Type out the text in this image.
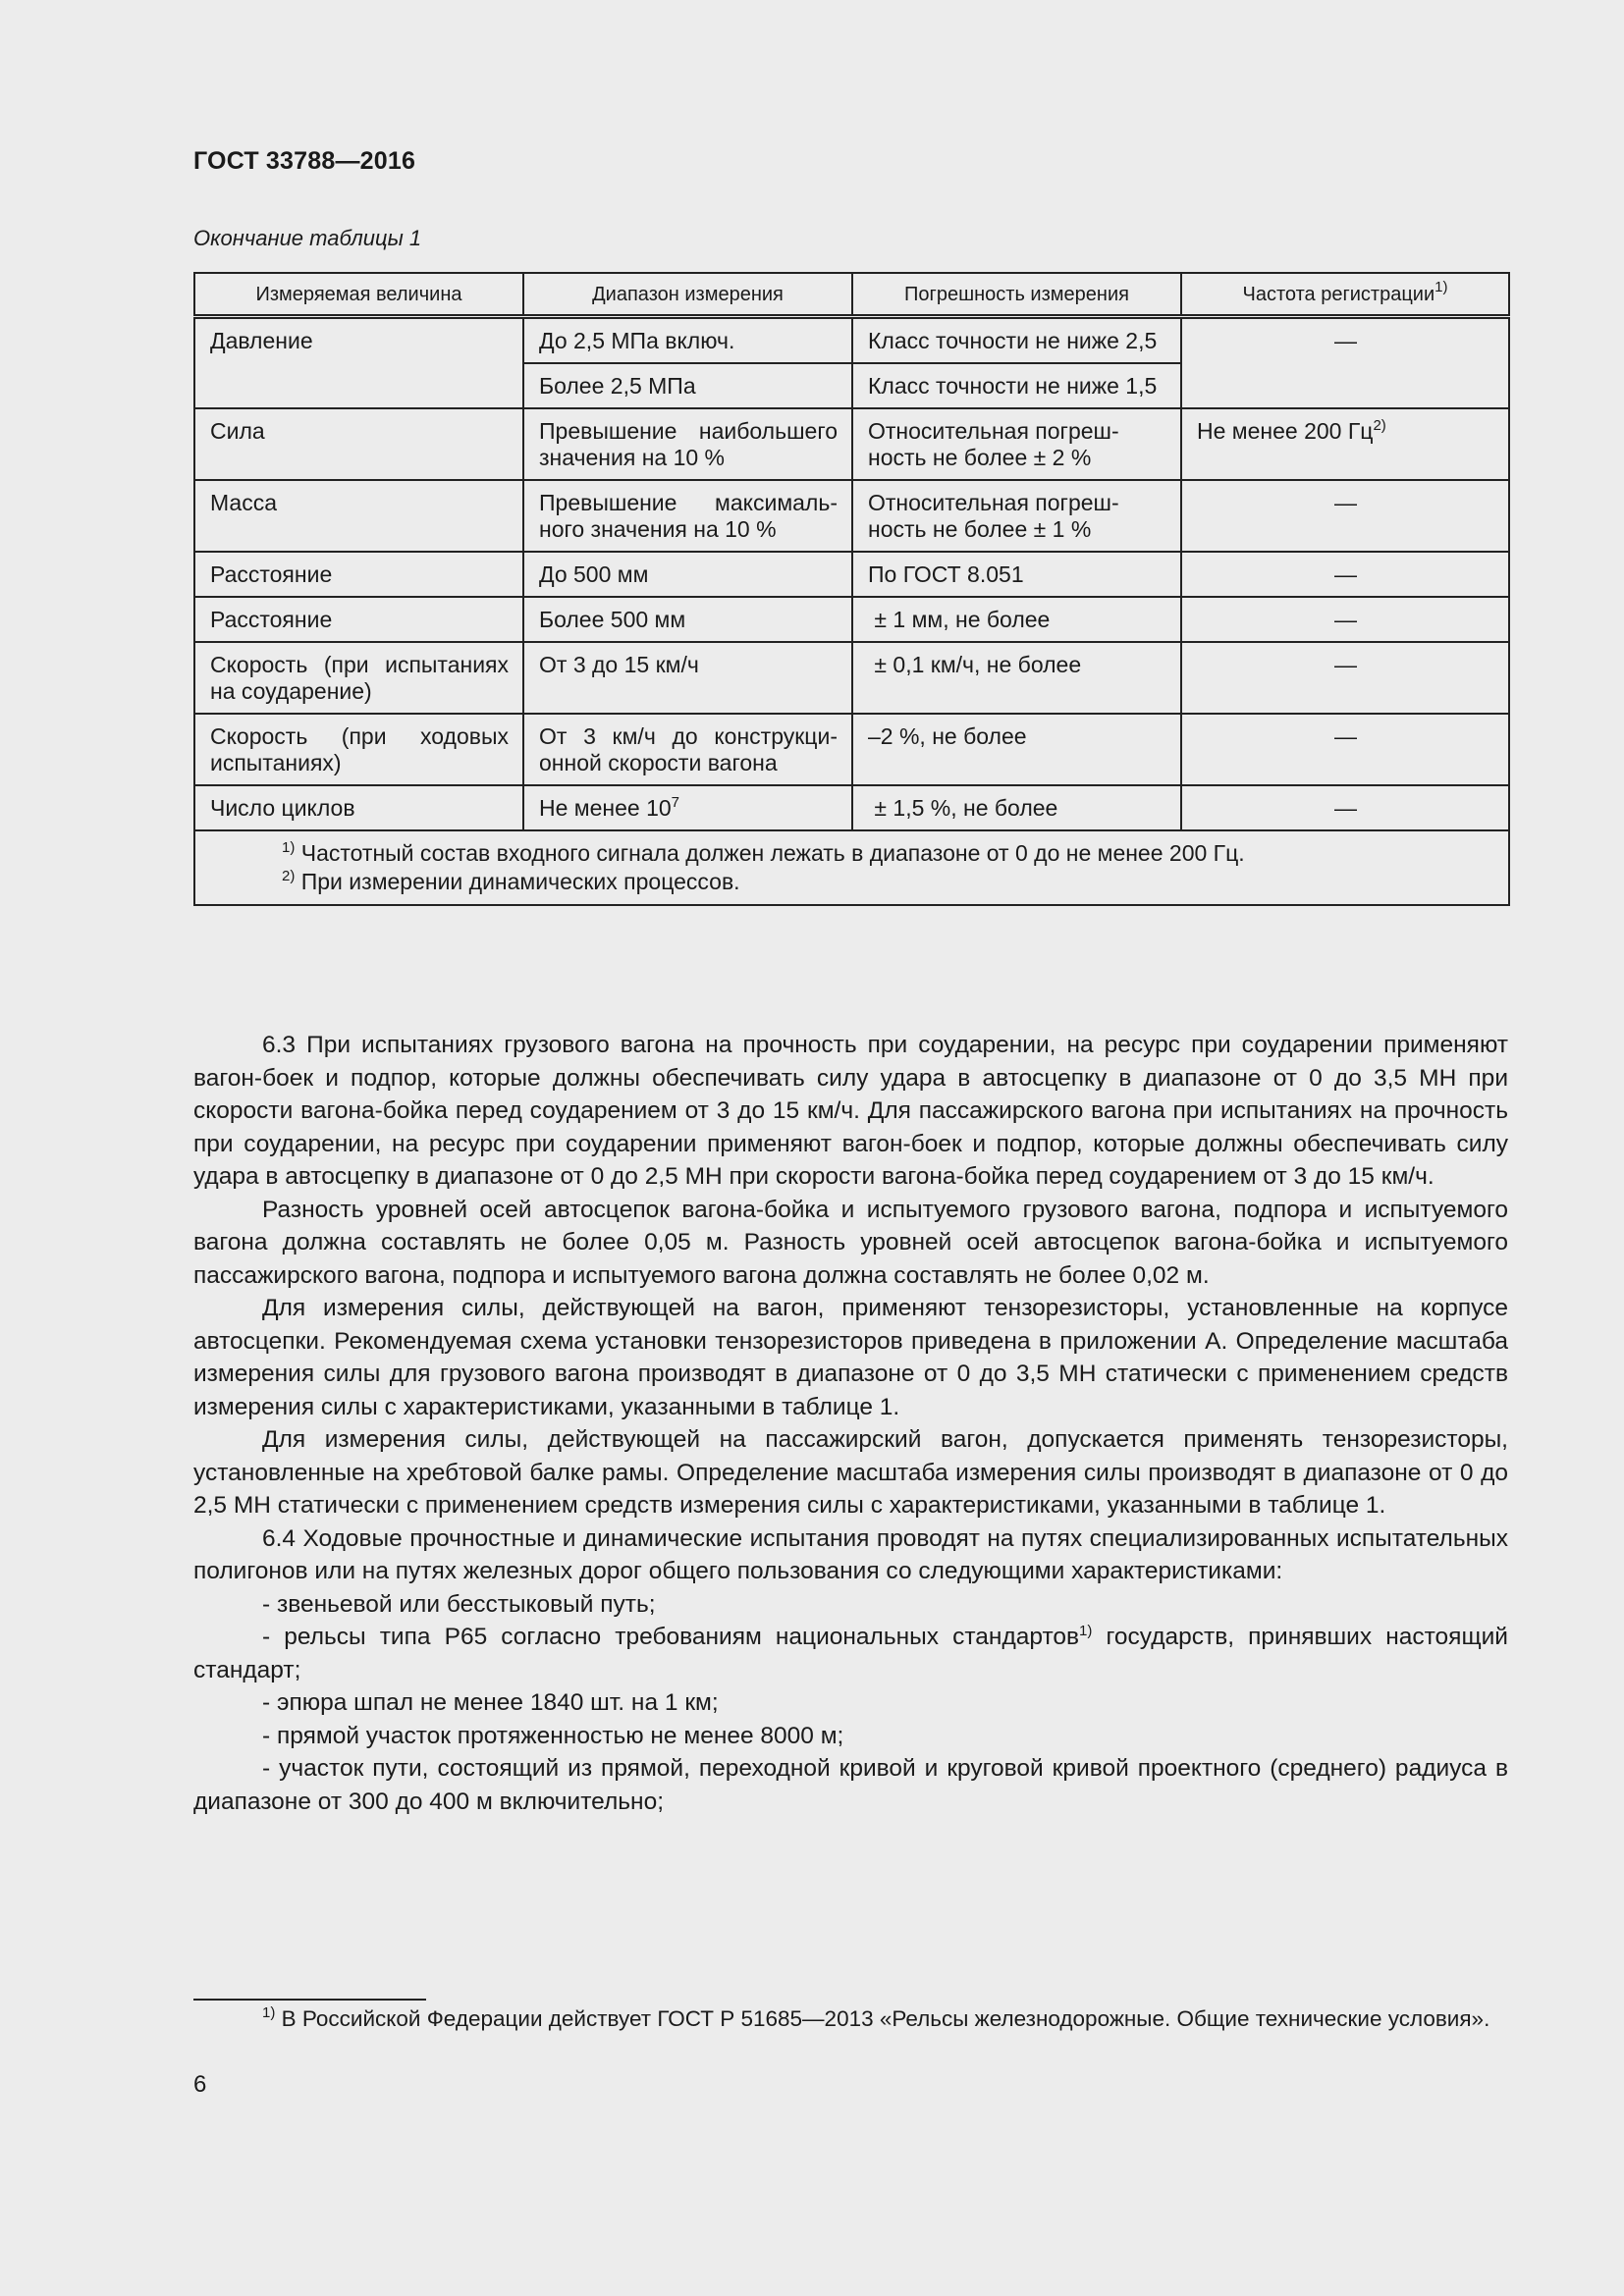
ГОСТ 33788—2016
Окончание таблицы 1
Измеряемая величина	Диапазон измерения	Погрешность измерения	Частота регистрации$^{1)}$
Давление	До 2,5 МПа включ.	Класс точности не ниже 2,5	—
	Более 2,5 МПа	Класс точности не ниже 1,5	
Сила	Превышение наибольшего значения на 10 %	Относительная погрешность не более ± 2 %	Не менее 200 $Гц^{2)}$
Масса	Превышение максимального значения на 10 %	Относительная погрешность не более ± 1 %	—
Расстояние	До 500 мм	По ГОСТ 8.051	—
Расстояние	Более 500 мм	± 1 мм, не более	—
Скорость (при испытаниях на соударение)	От 3 до 15 км/ч	± 0,1 км/ч, не более	—
Скорость (при ходовых испытаниях)	От 3 км/ч до конструкционной скорости вагона	–2 %, не более	—
Число циклов	Не менее $10^7$	± 1,5 %, не более	—

$^{1)}$ Частотный состав входного сигнала должен лежать в диапазоне от 0 до не менее 200 Гц.
$^{2)}$ При измерении динамических процессов.			

6.3 При испытаниях грузового вагона на прочность при соударении, на ресурс при соударении применяют вагон-боек и подпор, которые должны обеспечивать силу удара в автосцепку в диапазоне от 0 до 3,5 МН при скорости вагона-бойка перед соударением от 3 до 15 км/ч. Для пассажирского вагона при испытаниях на прочность при соударении, на ресурс при соударении применяют вагон-боек и подпор, которые должны обеспечивать силу удара в автосцепку в диапазоне от 0 до 2,5 МН при скорости вагона-бойка перед соударением от 3 до 15 км/ч.

Разность уровней осей автосцепок вагона-бойка и испытуемого грузового вагона, подпора и испытуемого вагона должна составлять не более 0,05 м. Разность уровней осей автосцепок вагона-бойка и испытуемого пассажирского вагона, подпора и испытуемого вагона должна составлять не более 0,02 м.

Для измерения силы, действующей на вагон, применяют тензорезисторы, установленные на корпусе автосцепки. Рекомендуемая схема установки тензорезисторов приведена в приложении А. Определение масштаба измерения силы для грузового вагона производят в диапазоне от 0 до 3,5 МН статически с применением средств измерения силы с характеристиками, указанными в таблице 1.

Для измерения силы, действующей на пассажирский вагон, допускается применять тензорезисторы, установленные на хребтовой балке рамы. Определение масштаба измерения силы производят в диапазоне от 0 до 2,5 МН статически с применением средств измерения силы с характеристиками, указанными в таблице 1.

6.4 Ходовые прочностные и динамические испытания проводят на путях специализированных испытательных полигонов или на путях железных дорог общего пользования со следующими характеристиками:

- звеньевой или бесстыковый путь;

- рельсы типа Р65 согласно требованиям национальных стандартов$^{1)}$ государств, принявших настоящий стандарт;

- эпюра шпал не менее 1840 шт. на 1 км;

- прямой участок протяженностью не менее 8000 м;

- участок пути, состоящий из прямой, переходной кривой и круговой кривой проектного (среднего) радиуса в диапазоне от 300 до 400 м включительно;

$^{1)}$ В Российской Федерации действует ГОСТ Р 51685—2013 «Рельсы железнодорожные. Общие технические условия».
6
